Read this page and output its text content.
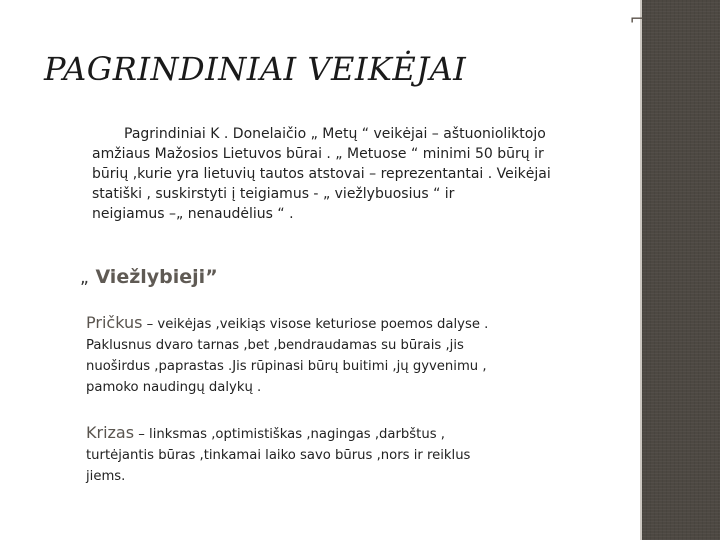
⌐
PAGRINDINIAI VEIKĖJAI

Pagrindiniai K . Donelaičio „ Metų “ veikėjai – aštuonioliktojo
amžiaus Mažosios Lietuvos būrai . „ Metuose “ minimi 50 būrų ir
būrių ,kurie yra lietuvių tautos atstovai – reprezentantai . Veikėjai
statiški , suskirstyti į teigiamus - „ viežlybuosius “ ir
neigiamus –„ nenaudėlius “ .

„ Viežlybieji”

Pričkus – veikėjas ,veikiąs visose keturiose poemos dalyse .
Paklusnus dvaro tarnas ,bet ,bendraudamas su būrais ,jis
nuoširdus ,paprastas .Jis rūpinasi būrų buitimi ,jų gyvenimu ,
pamoko naudingų dalykų .

Krizas – linksmas ,optimistiškas ,nagingas ,darbštus ,
turtėjantis būras ,tinkamai laiko savo būrus ,nors ir reiklus
jiems.
